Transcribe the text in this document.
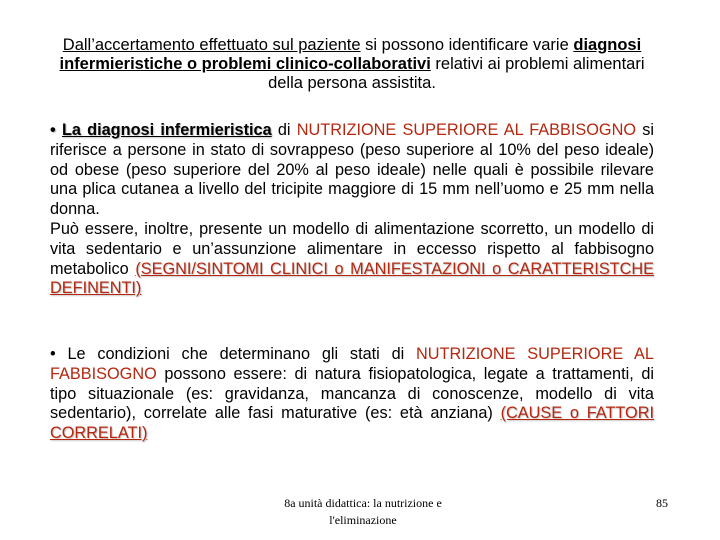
Dall’accertamento effettuato sul paziente si possono identificare varie diagnosi infermieristiche o problemi clinico-collaborativi relativi ai problemi alimentari della persona assistita.

• La diagnosi infermieristica di NUTRIZIONE SUPERIORE AL FABBISOGNO si riferisce a persone in stato di sovrappeso (peso superiore al 10% del peso ideale) od obese (peso superiore del 20% al peso ideale) nelle quali è possibile rilevare una plica cutanea a livello del tricipite maggiore di 15 mm nell’uomo e 25 mm nella donna.

Può essere, inoltre, presente un modello di alimentazione scorretto, un modello di vita sedentario e un’assunzione alimentare in eccesso rispetto al fabbisogno metabolico (SEGNI/SINTOMI CLINICI o MANIFESTAZIONI o CARATTERISTCHE DEFINENTI)

• Le condizioni che determinano gli stati di NUTRIZIONE SUPERIORE AL FABBISOGNO possono essere: di natura fisiopatologica, legate a trattamenti, di tipo situazionale (es: gravidanza, mancanza di conoscenze, modello di vita sedentario), correlate alle fasi maturative (es: età anziana) (CAUSE o FATTORI CORRELATI)

8a unità didattica: la nutrizione e
l'eliminazione
85
